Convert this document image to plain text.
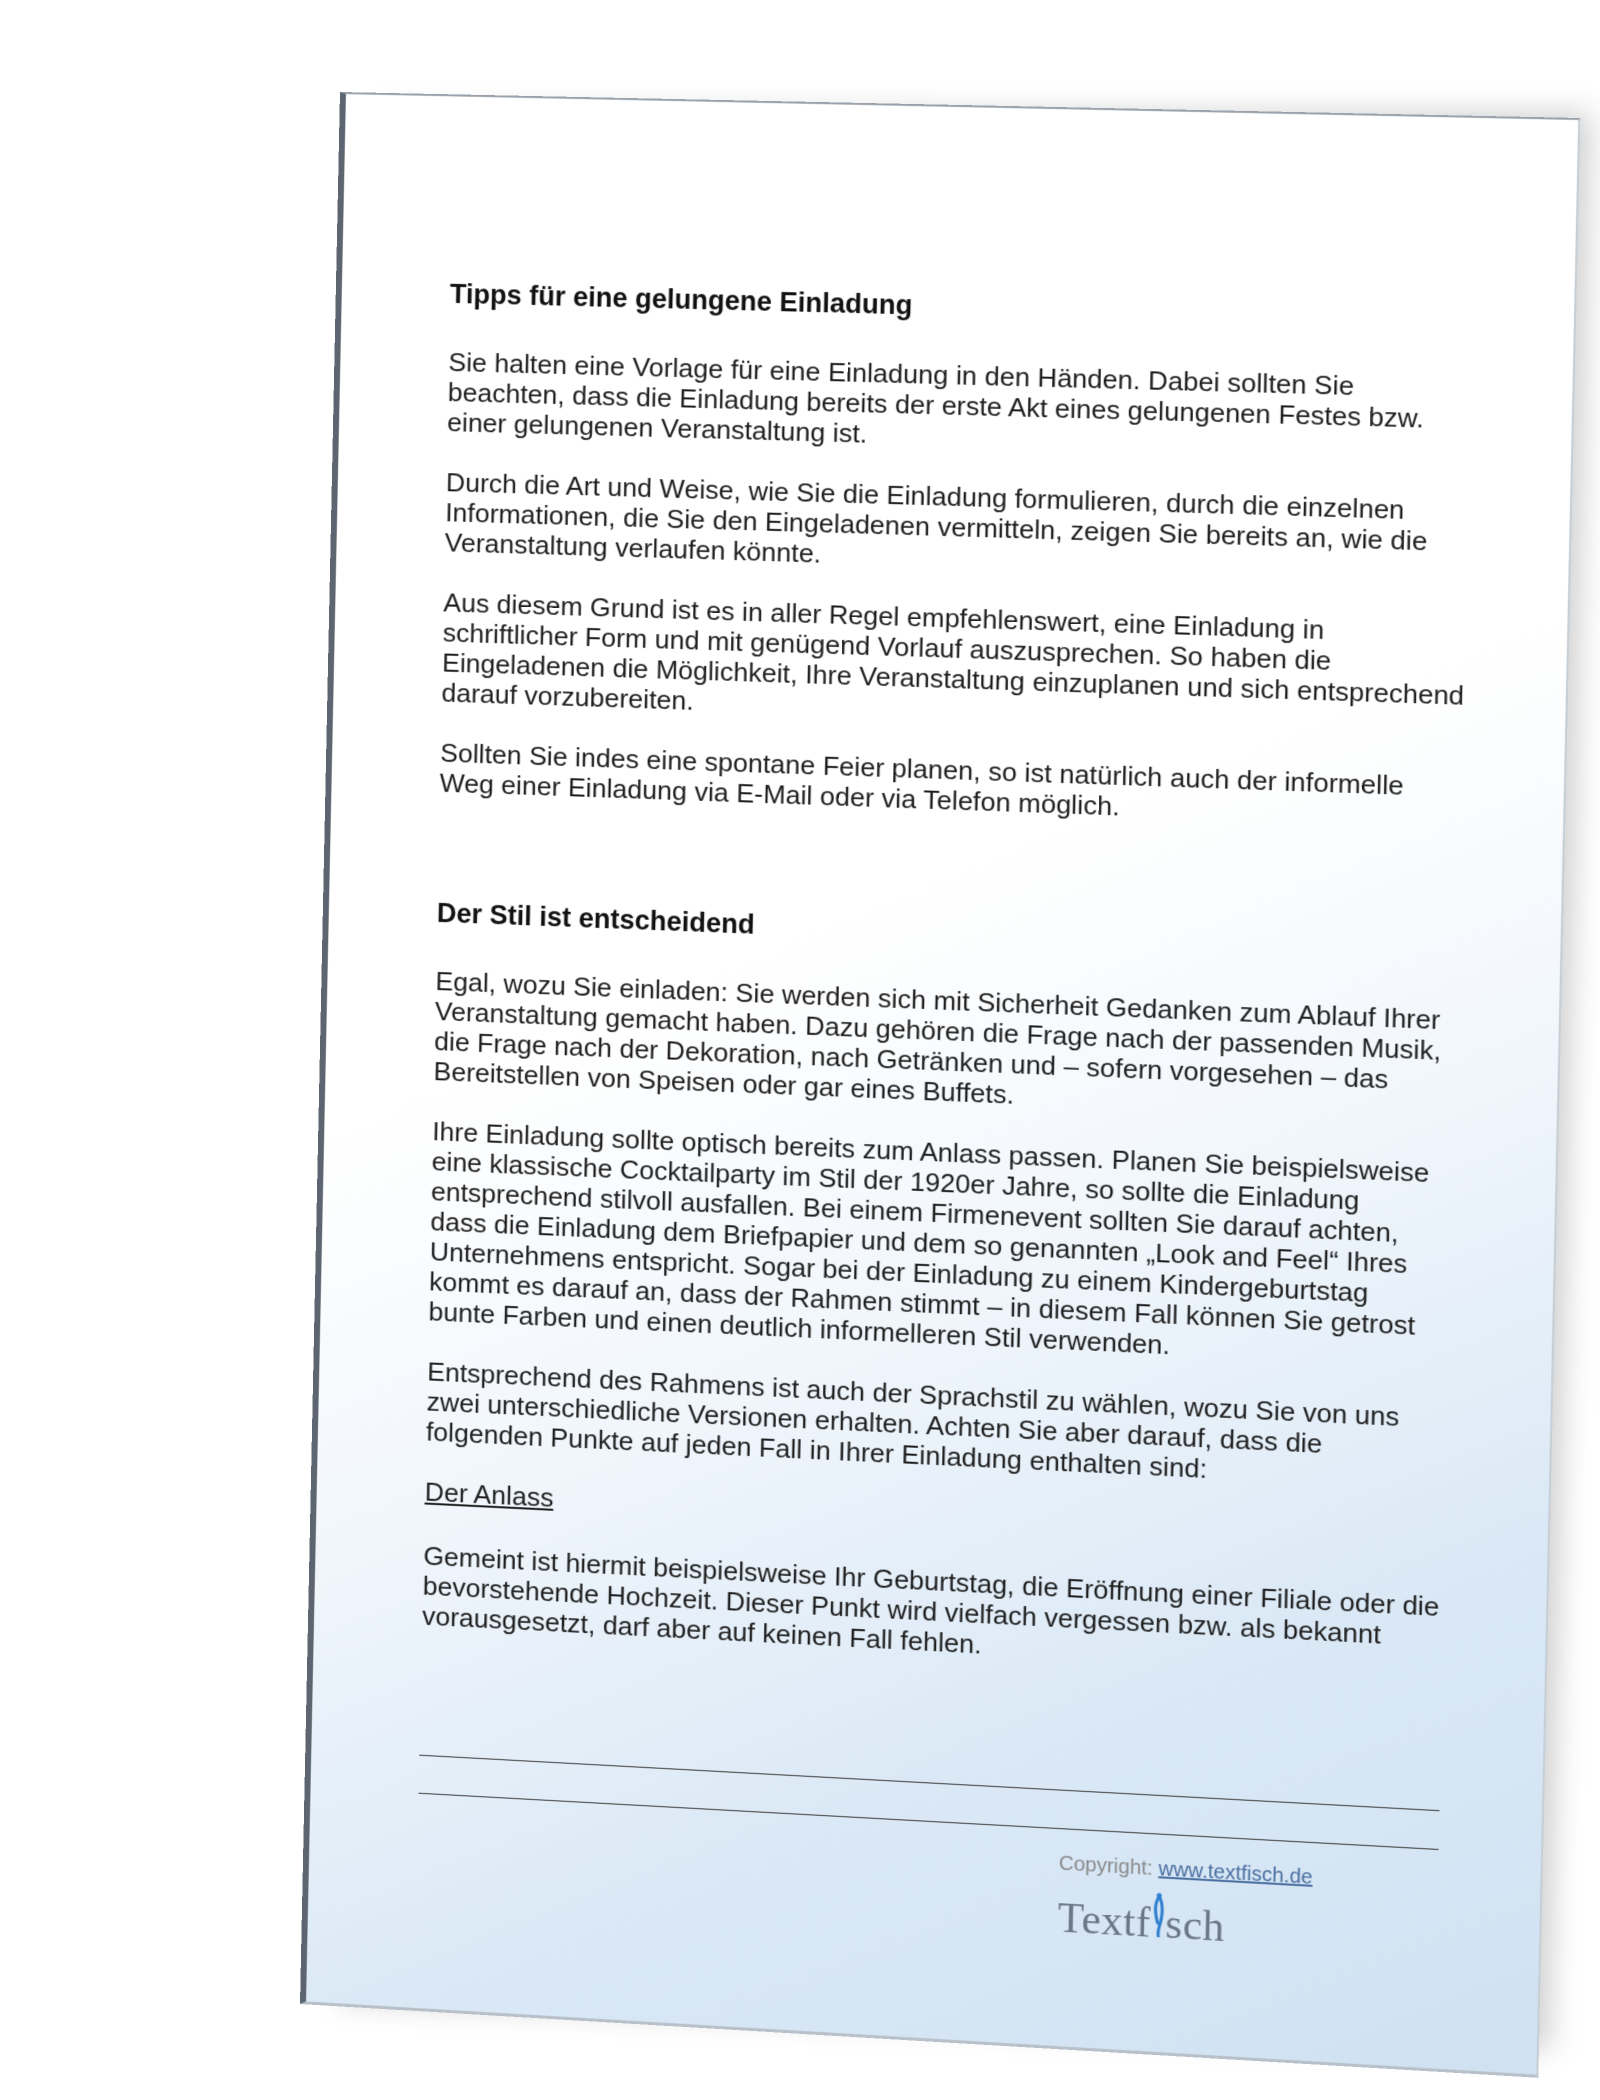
Tipps für eine gelungene Einladung

Sie halten eine Vorlage für eine Einladung in den Händen. Dabei sollten Sie beachten, dass die Einladung bereits der erste Akt eines gelungenen Festes bzw. einer gelungenen Veranstaltung ist.

Durch die Art und Weise, wie Sie die Einladung formulieren, durch die einzelnen Informationen, die Sie den Eingeladenen vermitteln, zeigen Sie bereits an, wie die Veranstaltung verlaufen könnte.

Aus diesem Grund ist es in aller Regel empfehlenswert, eine Einladung in schriftlicher Form und mit genügend Vorlauf auszusprechen. So haben die Eingeladenen die Möglichkeit, Ihre Veranstaltung einzuplanen und sich entsprechend darauf vorzubereiten.

Sollten Sie indes eine spontane Feier planen, so ist natürlich auch der informelle Weg einer Einladung via E-Mail oder via Telefon möglich.

Der Stil ist entscheidend

Egal, wozu Sie einladen: Sie werden sich mit Sicherheit Gedanken zum Ablauf Ihrer Veranstaltung gemacht haben. Dazu gehören die Frage nach der passenden Musik, die Frage nach der Dekoration, nach Getränken und – sofern vorgesehen – das Bereitstellen von Speisen oder gar eines Buffets.

Ihre Einladung sollte optisch bereits zum Anlass passen. Planen Sie beispielsweise eine klassische Cocktailparty im Stil der 1920er Jahre, so sollte die Einladung entsprechend stilvoll ausfallen. Bei einem Firmenevent sollten Sie darauf achten, dass die Einladung dem Briefpapier und dem so genannten „Look and Feel“ Ihres Unternehmens entspricht. Sogar bei der Einladung zu einem Kindergeburtstag kommt es darauf an, dass der Rahmen stimmt – in diesem Fall können Sie getrost bunte Farben und einen deutlich informelleren Stil verwenden.

Entsprechend des Rahmens ist auch der Sprachstil zu wählen, wozu Sie von uns zwei unterschiedliche Versionen erhalten. Achten Sie aber darauf, dass die folgenden Punkte auf jeden Fall in Ihrer Einladung enthalten sind:

Der Anlass

Gemeint ist hiermit beispielsweise Ihr Geburtstag, die Eröffnung einer Filiale oder die bevorstehende Hochzeit. Dieser Punkt wird vielfach vergessen bzw. als bekannt vorausgesetzt, darf aber auf keinen Fall fehlen.

Copyright: www.textfisch.de
Textf sch
